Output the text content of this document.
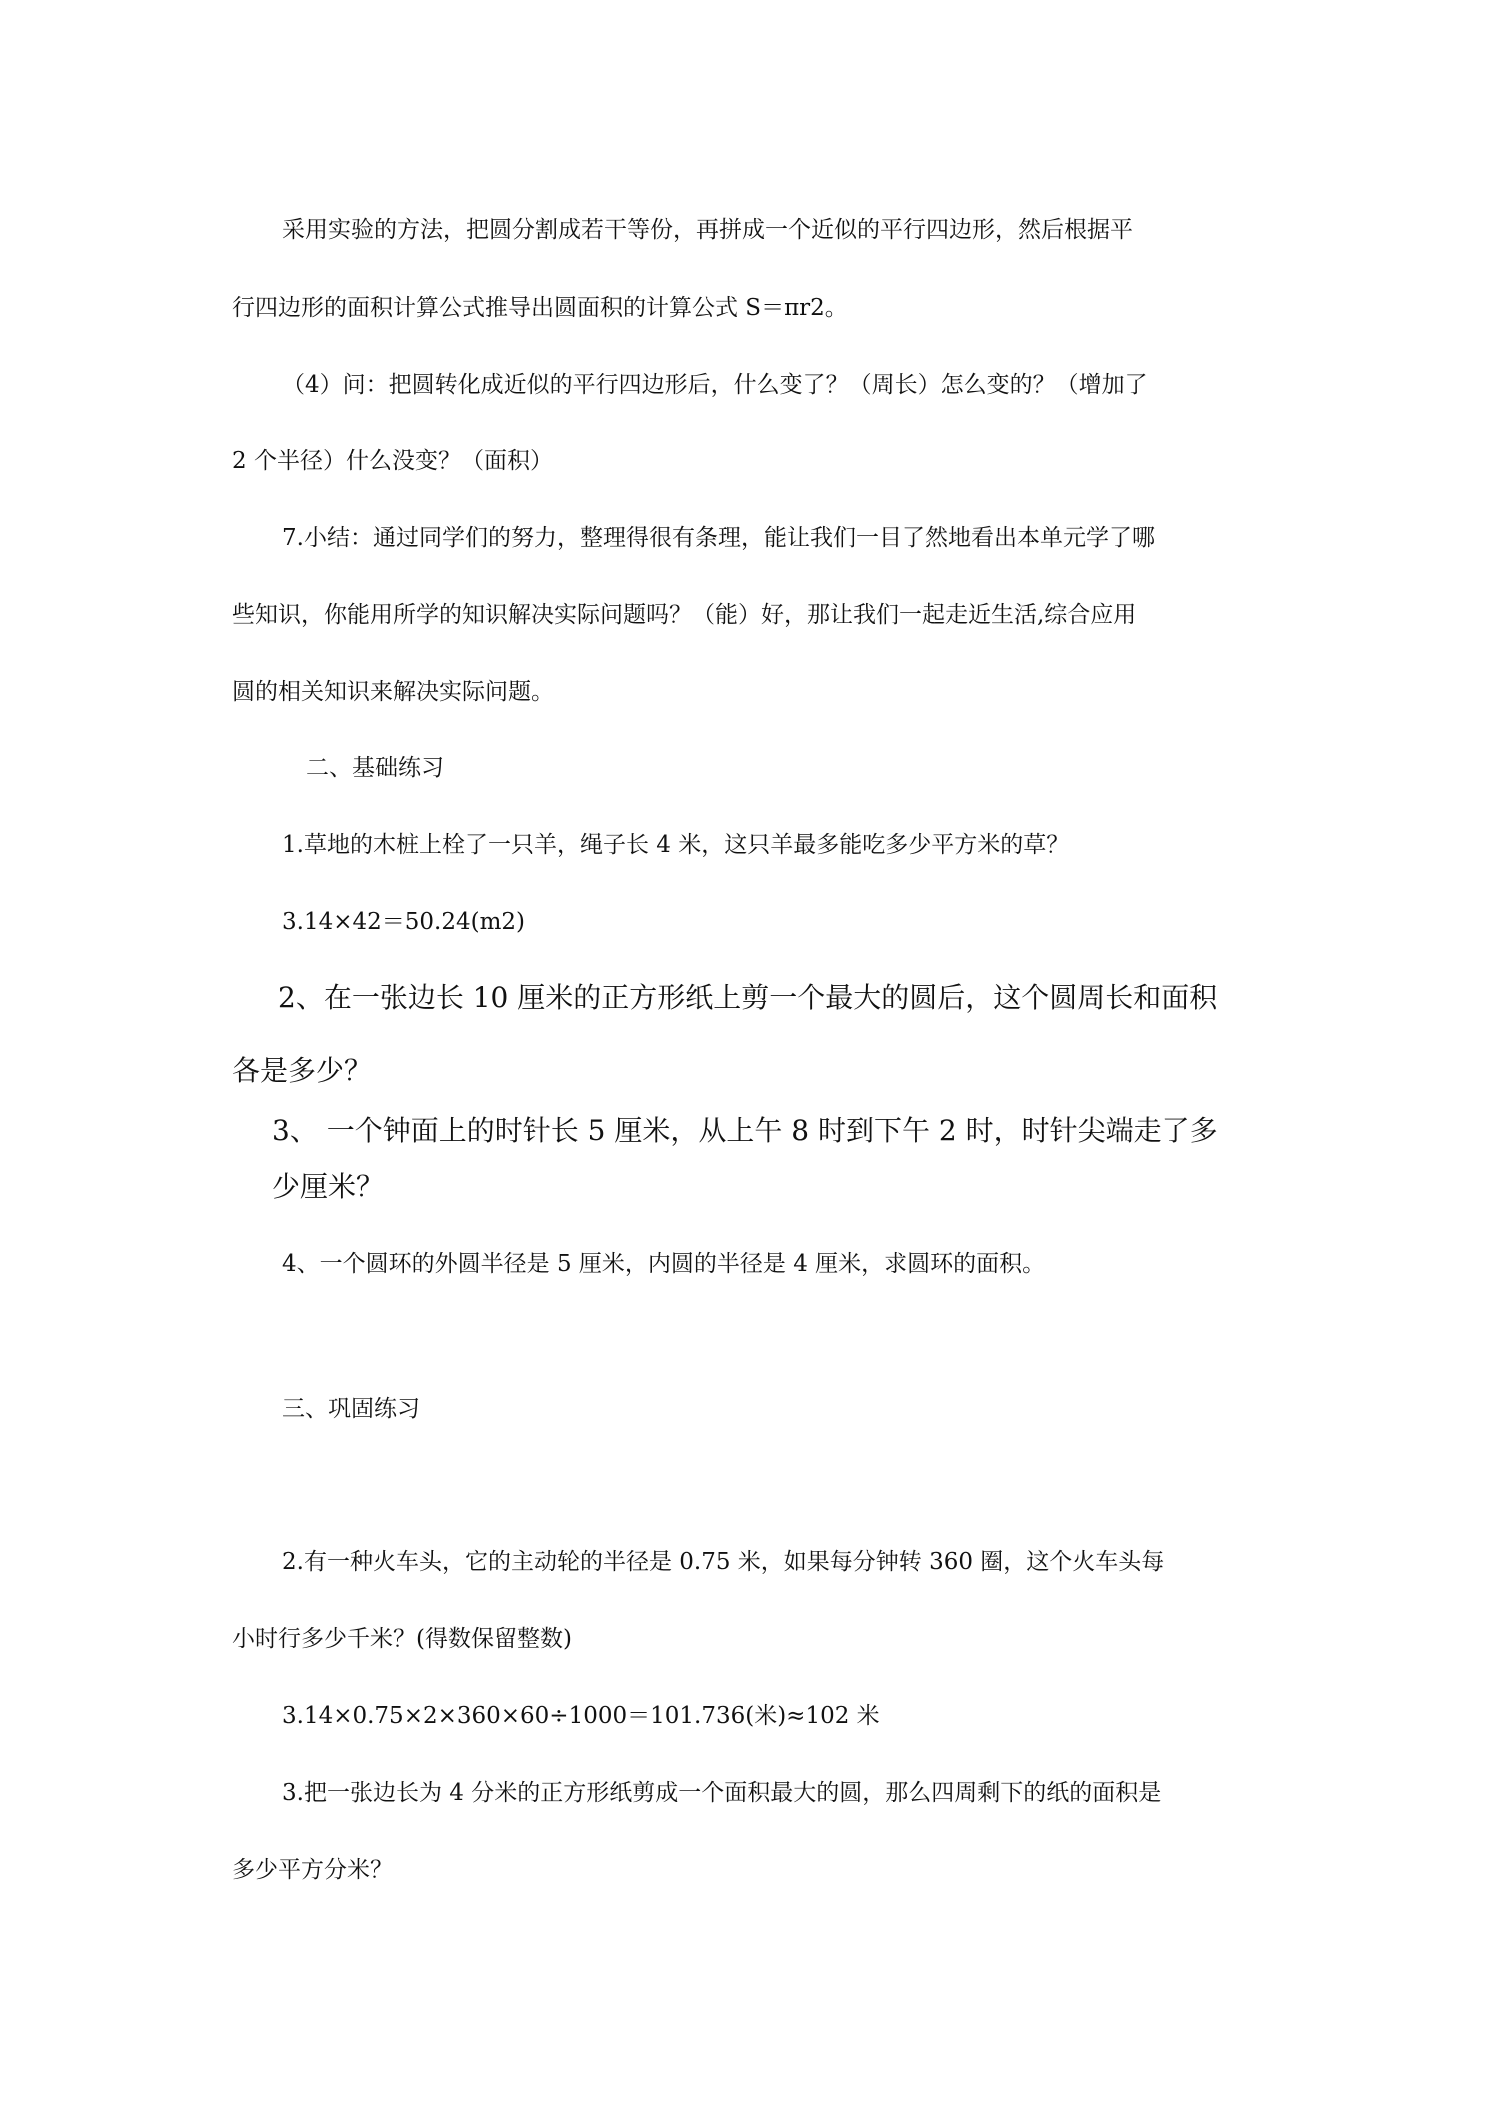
采用实验的方法，把圆分割成若干等份，再拼成一个近似的平行四边形，然后根据平

行四边形的面积计算公式推导出圆面积的计算公式 S＝πr2。

（4）问：把圆转化成近似的平行四边形后，什么变了？（周长）怎么变的？（增加了

2 个半径）什么没变？（面积）

7.小结：通过同学们的努力，整理得很有条理，能让我们一目了然地看出本单元学了哪

些知识，你能用所学的知识解决实际问题吗？（能）好，那让我们一起走近生活,综合应用

圆的相关知识来解决实际问题。

二、基础练习

1.草地的木桩上栓了一只羊，绳子长 4 米，这只羊最多能吃多少平方米的草？

3.14×42＝50.24(m2)

2、在一张边长 10 厘米的正方形纸上剪一个最大的圆后，这个圆周长和面积

各是多少？

3、 一个钟面上的时针长 5 厘米，从上午 8 时到下午 2 时，时针尖端走了多

少厘米？

4、一个圆环的外圆半径是 5 厘米，内圆的半径是 4 厘米，求圆环的面积。

三、巩固练习

2.有一种火车头，它的主动轮的半径是 0.75 米，如果每分钟转 360 圈，这个火车头每

小时行多少千米？(得数保留整数)

3.14×0.75×2×360×60÷1000＝101.736(米)≈102 米

3.把一张边长为 4 分米的正方形纸剪成一个面积最大的圆，那么四周剩下的纸的面积是

多少平方分米？
